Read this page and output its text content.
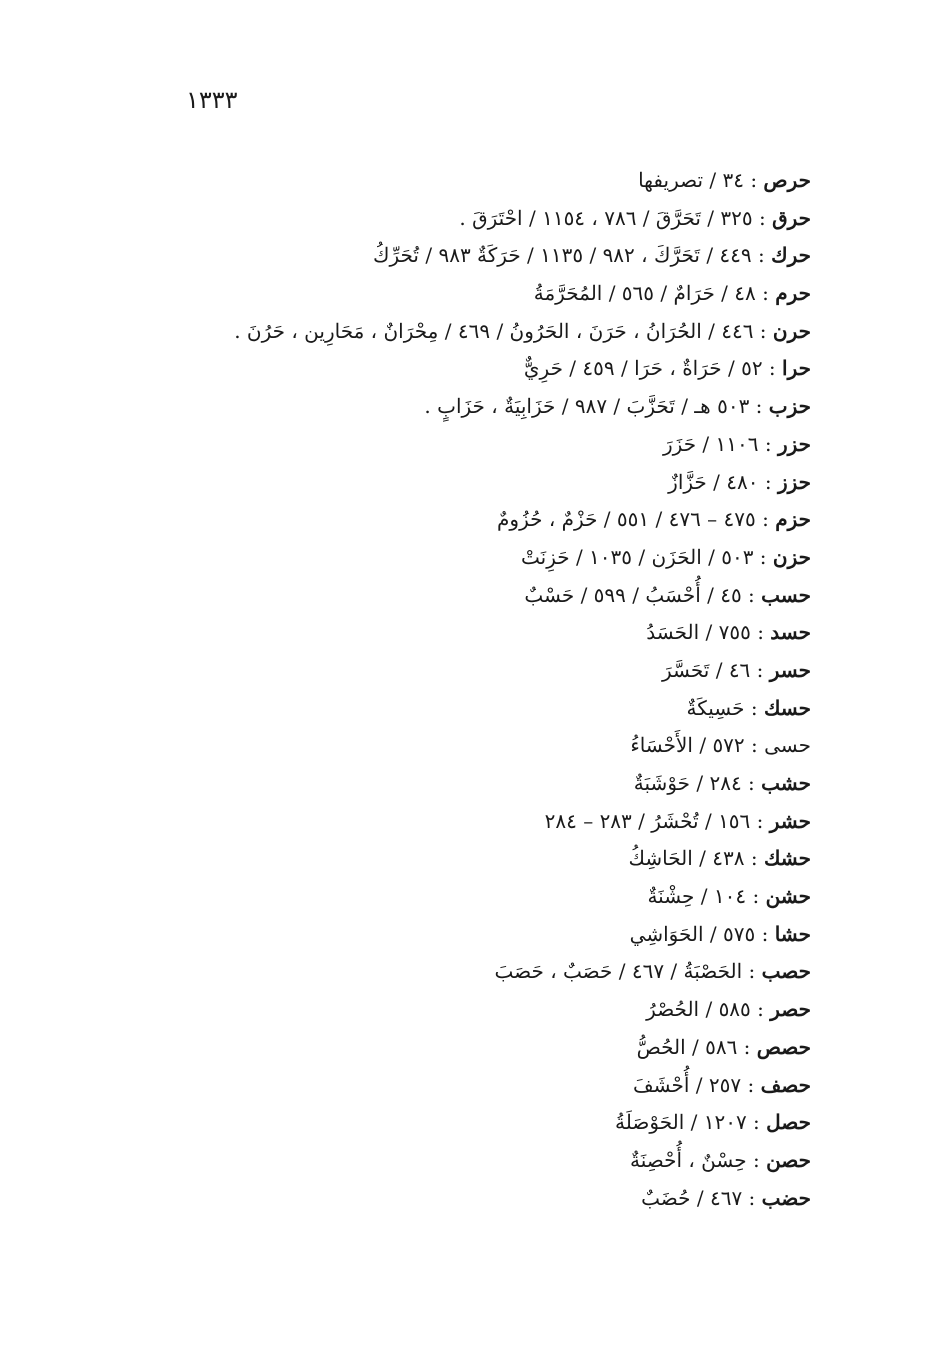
١٣٣٣
حرص : ٣٤ / تصريفها
حرق : ٣٢٥ / تَحَرَّقَ / ٧٨٦ ، ١١٥٤ / احْتَرَقَ .
حرك : ٤٤٩ / تَحَرَّكَ ، ٩٨٢ / ١١٣٥ / حَرَكَةٌ ٩٨٣ / تُحَرِّكُ
حرم : ٤٨ / حَرَامٌ / ٥٦٥ / المُحَرَّمَةُ
حرن : ٤٤٦ / الحُرَانُ ، حَرَنَ ، الحَرُونُ / ٤٦٩ / مِحْرَانٌ ، مَحَارِين ، حَرُنَ .
حرا : ٥٢ / حَرَاةٌ ، حَرَا / ٤٥٩ / حَرِيٌّ
حزب : ٥٠٣ هـ / تَحَزَّبَ / ٩٨٧ / حَزَابِيَةٌ ، حَزَابٍ .
حزر : ١١٠٦ / حَزَرَ
حزز : ٤٨٠ / حَزَّازٌ
حزم : ٤٧٥ – ٤٧٦ / ٥٥١ / حَزْمٌ ، حُزُومٌ
حزن : ٥٠٣ / الحَزَن / ١٠٣٥ / حَزِنَتْ
حسب : ٤٥ / أُحْسَبُ / ٥٩٩ / حَسْبٌ
حسد : ٧٥٥ / الحَسَدُ
حسر : ٤٦ / تَحَسَّرَ
حسك : حَسِيكَةٌ
حسى : ٥٧٢ / الأَحْسَاءُ
حشب : ٢٨٤ / حَوْشَبَةٌ
حشر : ١٥٦ / تُحْشَرُ / ٢٨٣ – ٢٨٤
حشك : ٤٣٨ / الحَاشِكُ
حشن : ١٠٤ / حِشْنَةٌ
حشا : ٥٧٥ / الحَوَاشِي
حصب : الحَصْبَةُ / ٤٦٧ / حَصَبٌ ، حَصَبَ
حصر : ٥٨٥ / الحُصْرُ
حصص : ٥٨٦ / الحُصُّ
حصف : ٢٥٧ / أُحْشَفَ
حصل : ١٢٠٧ / الحَوْصَلَةُ
حصن : حِسْنٌ ، أُحْصِنَةٌ
حضب : ٤٦٧ / حُضَبٌ
